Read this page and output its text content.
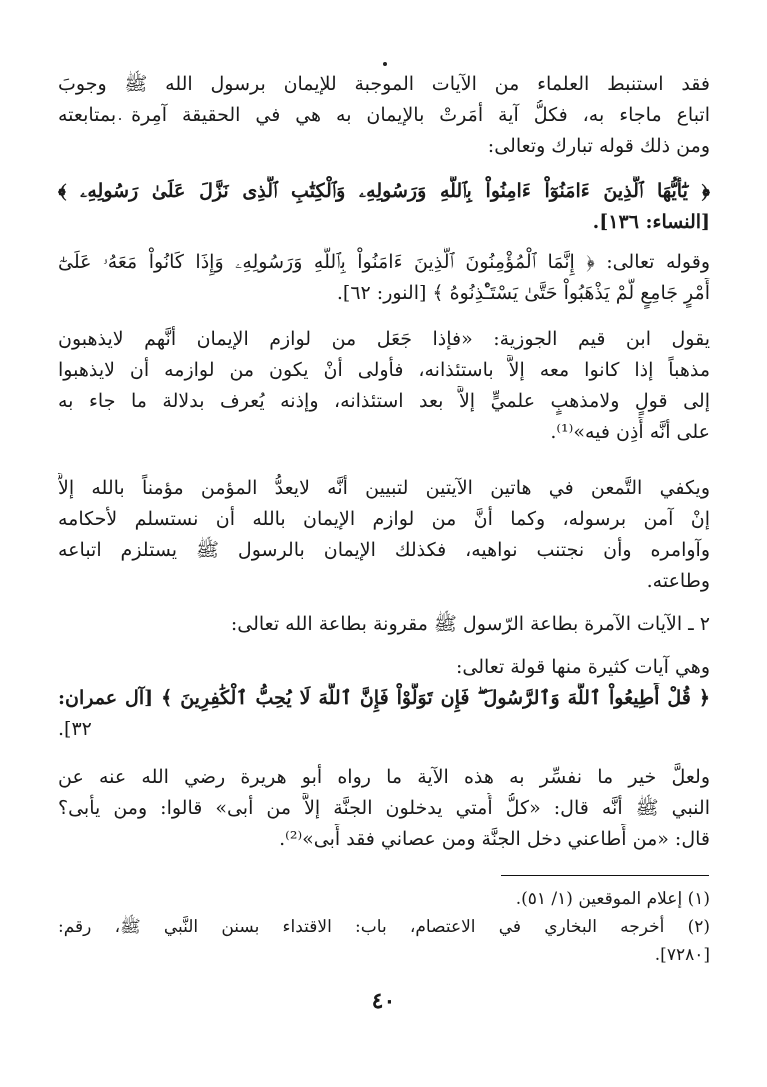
فقد استنبط العلماء من الآيات الموجبة للإيمان برسول الله ﷺ وجوبَ
اتباع ماجاء به، فكلُّ آية أمَرتْ بالإيمان به هي في الحقيقة آمِرة بمتابعته
ومن ذلك قوله تبارك وتعالى:
﴿ يَٰٓأَيُّهَا ٱلَّذِينَ ءَامَنُوٓاْ ءَامِنُواْ بِٱللَّهِ وَرَسُولِهِۦ وَٱلْكِتَٰبِ ٱلَّذِى نَزَّلَ عَلَىٰ رَسُولِهِۦ ﴾
[النساء: ١٣٦].
وقوله تعالى: ﴿ إِنَّمَا ٱلْمُؤْمِنُونَ ٱلَّذِينَ ءَامَنُواْ بِٱللَّهِ وَرَسُولِهِۦ وَإِذَا كَانُواْ مَعَهُۥ عَلَىٰٓ
أَمْرٍ جَامِعٍ لَّمْ يَذْهَبُواْ حَتَّىٰ يَسْتَـْٔذِنُوهُ ﴾ [النور: ٦٢].
يقول ابن قيم الجوزية: «فإذا جَعَل من لوازم الإيمان أنَّهم لايذهبون
مذهباً إذا كانوا معه إلاَّ باستئذانه، فأولى أنْ يكون من لوازمه أن لايذهبوا
إلى قولٍ ولامذهبٍ علميٍّ إلاَّ بعد استئذانه، وإذنه يُعرف بدلالة ما جاء به
على أنَّه أَذِن فيه»⁽¹⁾.
ويكفي التَّمعن في هاتين الآيتين لتبيين أنَّه لايعدُّ المؤمن مؤمناً بالله إلاَّ
إنْ آمن برسوله، وكما أنَّ من لوازم الإيمان بالله أن نستسلم لأحكامه
وآوامره وأن نجتنب نواهيه، فكذلك الإيمان بالرسول ﷺ يستلزم اتباعه
وطاعته.
٢ ـ الآيات الآمرة بطاعة الرّسول ﷺ مقرونة بطاعة الله تعالى:
وهي آيات كثيرة منها قولة تعالى:
﴿ قُلْ أَطِيعُواْ ٱللَّهَ وَٱلرَّسُولَ ۖ فَإِن تَوَلَّوْاْ فَإِنَّ ٱللَّهَ لَا يُحِبُّ ٱلْكَٰفِرِينَ ﴾ [آل عمران:
٣٢].
ولعلَّ خير ما نفسِّر به هذه الآية ما رواه أبو هريرة رضي الله عنه عن
النبي ﷺ أنَّه قال: «كلُّ أُمتي يدخلون الجنَّة إلاَّ من أبى» قالوا: ومن يأبى؟
قال: «من أَطاعني دخل الجنَّة ومن عصاني فقد أَبى»⁽²⁾.
(١) إعلام الموقعين (١/ ٥١).
(٢) أخرجه البخاري في الاعتصام، باب: الاقتداء بسنن النَّبي ﷺ، رقم:
[٧٢٨٠].
٤٠
